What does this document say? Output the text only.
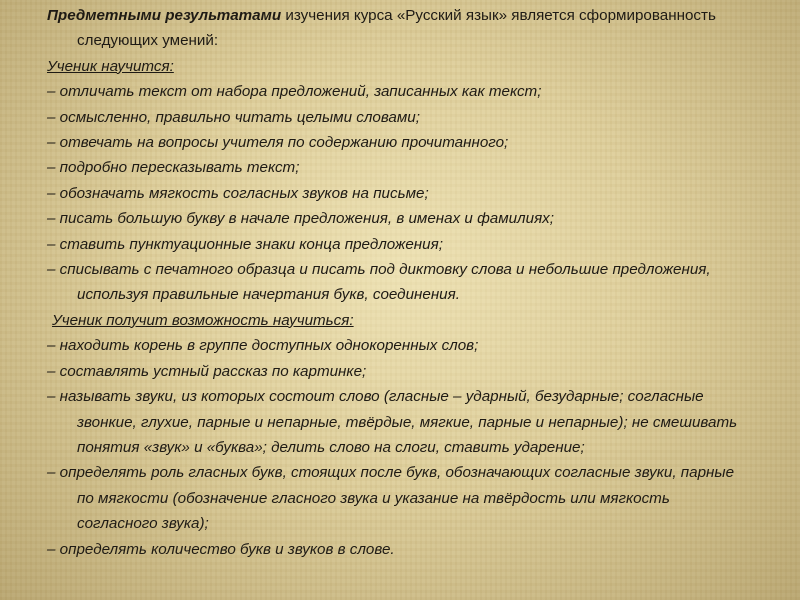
Предметными результатами изучения курса «Русский язык» является сформированность следующих умений:
Ученик научится:
– отличать текст от набора предложений, записанных как текст;
– осмысленно, правильно читать целыми словами;
– отвечать на вопросы учителя по содержанию прочитанного;
– подробно пересказывать текст;
– обозначать мягкость согласных звуков на письме;
– писать большую букву в начале предложения, в именах и фамилиях;
– ставить пунктуационные знаки конца предложения;
– списывать с печатного образца и писать под диктовку слова и небольшие предложения, используя правильные начертания букв, соединения.
Ученик получит возможность научиться:
– находить корень в группе доступных однокоренных слов;
– составлять устный рассказ по картинке;
– называть звуки, из которых состоит слово (гласные – ударный, безударные; согласные звонкие, глухие, парные и непарные, твёрдые, мягкие, парные и непарные); не смешивать понятия «звук» и «буква»; делить слово на слоги, ставить ударение;
– определять роль гласных букв, стоящих после букв, обозначающих согласные звуки, парные по мягкости (обозначение гласного звука и указание на твёрдость или мягкость согласного звука);
– определять количество букв и звуков в слове.
